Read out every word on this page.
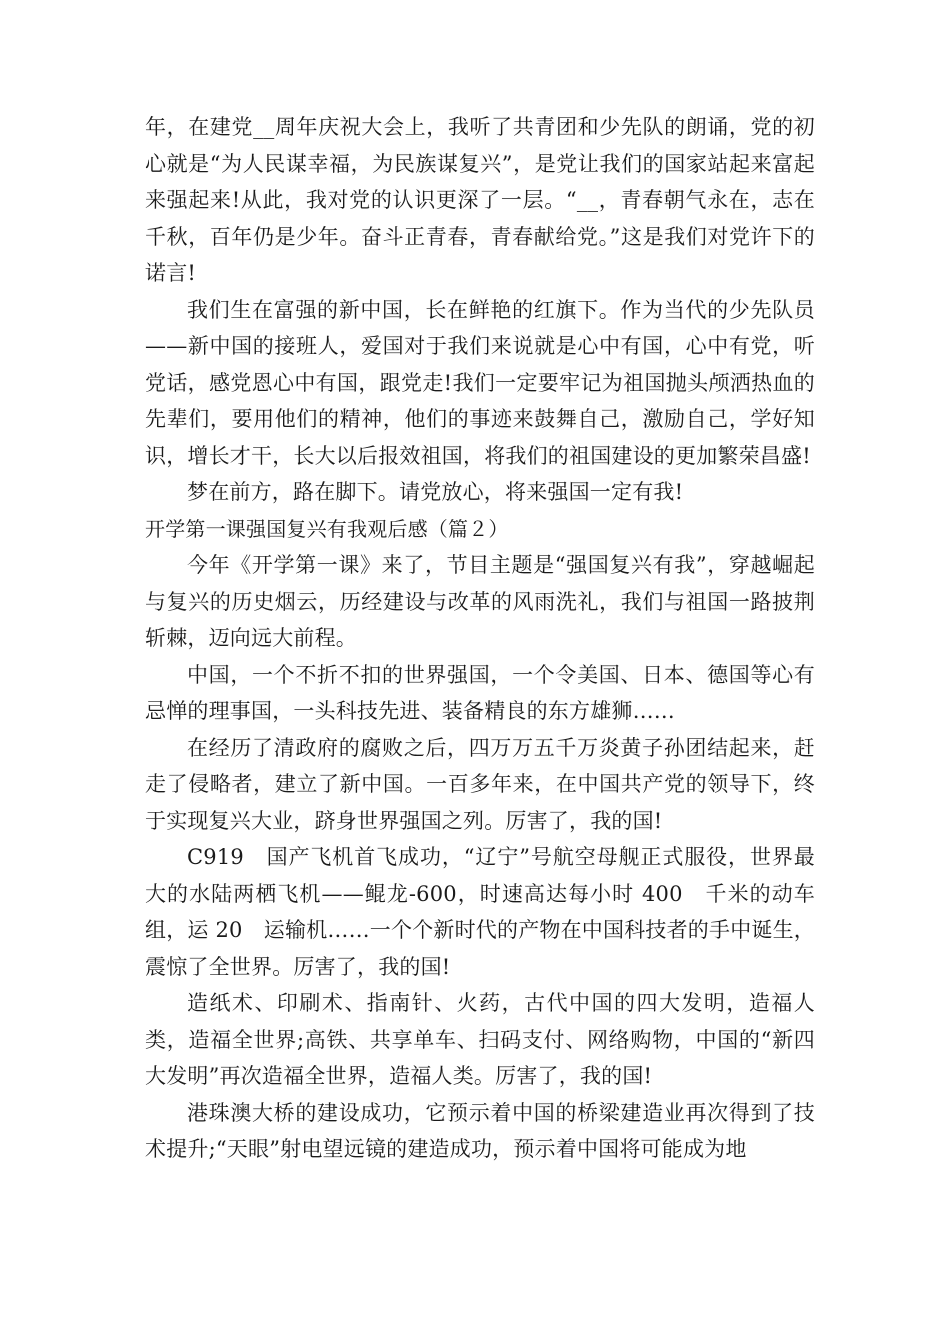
年，在建党__周年庆祝大会上，我听了共青团和少先队的朗诵，党的初心就是“为人民谋幸福，为民族谋复兴”，是党让我们的国家站起来富起来强起来!从此，我对党的认识更深了一层。“__，青春朝气永在，志在千秋，百年仍是少年。奋斗正青春，青春献给党。”这是我们对党许下的诺言!

我们生在富强的新中国，长在鲜艳的红旗下。作为当代的少先队员——新中国的接班人，爱国对于我们来说就是心中有国，心中有党，听党话，感党恩心中有国，跟党走!我们一定要牢记为祖国抛头颅洒热血的先辈们，要用他们的精神，他们的事迹来鼓舞自己，激励自己，学好知识，增长才干，长大以后报效祖国，将我们的祖国建设的更加繁荣昌盛!

梦在前方，路在脚下。请党放心，将来强国一定有我!

开学第一课强国复兴有我观后感（篇２）

今年《开学第一课》来了，节目主题是“强国复兴有我”，穿越崛起与复兴的历史烟云，历经建设与改革的风雨洗礼，我们与祖国一路披荆斩棘，迈向远大前程。

中国，一个不折不扣的世界强国，一个令美国、日本、德国等心有忌惮的理事国，一头科技先进、装备精良的东方雄狮……

在经历了清政府的腐败之后，四万万五千万炎黄子孙团结起来，赶走了侵略者，建立了新中国。一百多年来，在中国共产党的领导下，终于实现复兴大业，跻身世界强国之列。厉害了，我的国!

C919　国产飞机首飞成功，“辽宁”号航空母舰正式服役，世界最大的水陆两栖飞机——鲲龙-600，时速高达每小时 400　千米的动车组，运 20　运输机……一个个新时代的产物在中国科技者的手中诞生，震惊了全世界。厉害了，我的国!

造纸术、印刷术、指南针、火药，古代中国的四大发明，造福人类，造福全世界;高铁、共享单车、扫码支付、网络购物，中国的“新四大发明”再次造福全世界，造福人类。厉害了，我的国!

港珠澳大桥的建设成功，它预示着中国的桥梁建造业再次得到了技术提升;“天眼”射电望远镜的建造成功，预示着中国将可能成为地
